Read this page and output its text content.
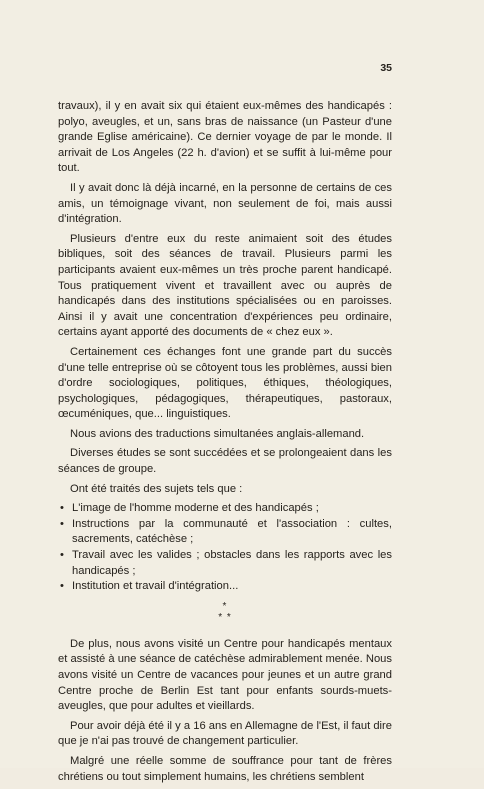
35

travaux), il y en avait six qui étaient eux-mêmes des handicapés : polyo, aveugles, et un, sans bras de naissance (un Pasteur d'une grande Eglise américaine). Ce dernier voyage de par le monde. Il arrivait de Los Angeles (22 h. d'avion) et se suffit à lui-même pour tout.

Il y avait donc là déjà incarné, en la personne de certains de ces amis, un témoignage vivant, non seulement de foi, mais aussi d'intégration.

Plusieurs d'entre eux du reste animaient soit des études bibliques, soit des séances de travail. Plusieurs parmi les participants avaient eux-mêmes un très proche parent handicapé. Tous pratiquement vivent et travaillent avec ou auprès de handicapés dans des institutions spécialisées ou en paroisses. Ainsi il y avait une concentration d'expériences peu ordinaire, certains ayant apporté des documents de « chez eux ».

Certainement ces échanges font une grande part du succès d'une telle entreprise où se côtoyent tous les problèmes, aussi bien d'ordre sociologiques, politiques, éthiques, théologiques, psychologiques, pédagogiques, thérapeutiques, pastoraux, œcuméniques, que... linguistiques.

Nous avions des traductions simultanées anglais-allemand.

Diverses études se sont succédées et se prolongeaient dans les séances de groupe.

Ont été traités des sujets tels que :

• L'image de l'homme moderne et des handicapés ;
• Instructions par la communauté et l'association : cultes, sacrements, catéchèse ;
• Travail avec les valides ; obstacles dans les rapports avec les handicapés ;
• Institution et travail d'intégration...
*
* *

De plus, nous avons visité un Centre pour handicapés mentaux et assisté à une séance de catéchèse admirablement menée. Nous avons visité un Centre de vacances pour jeunes et un autre grand Centre proche de Berlin Est tant pour enfants sourds-muets-aveugles, que pour adultes et vieillards.

Pour avoir déjà été il y a 16 ans en Allemagne de l'Est, il faut dire que je n'ai pas trouvé de changement particulier.

Malgré une réelle somme de souffrance pour tant de frères chrétiens ou tout simplement humains, les chrétiens semblent
